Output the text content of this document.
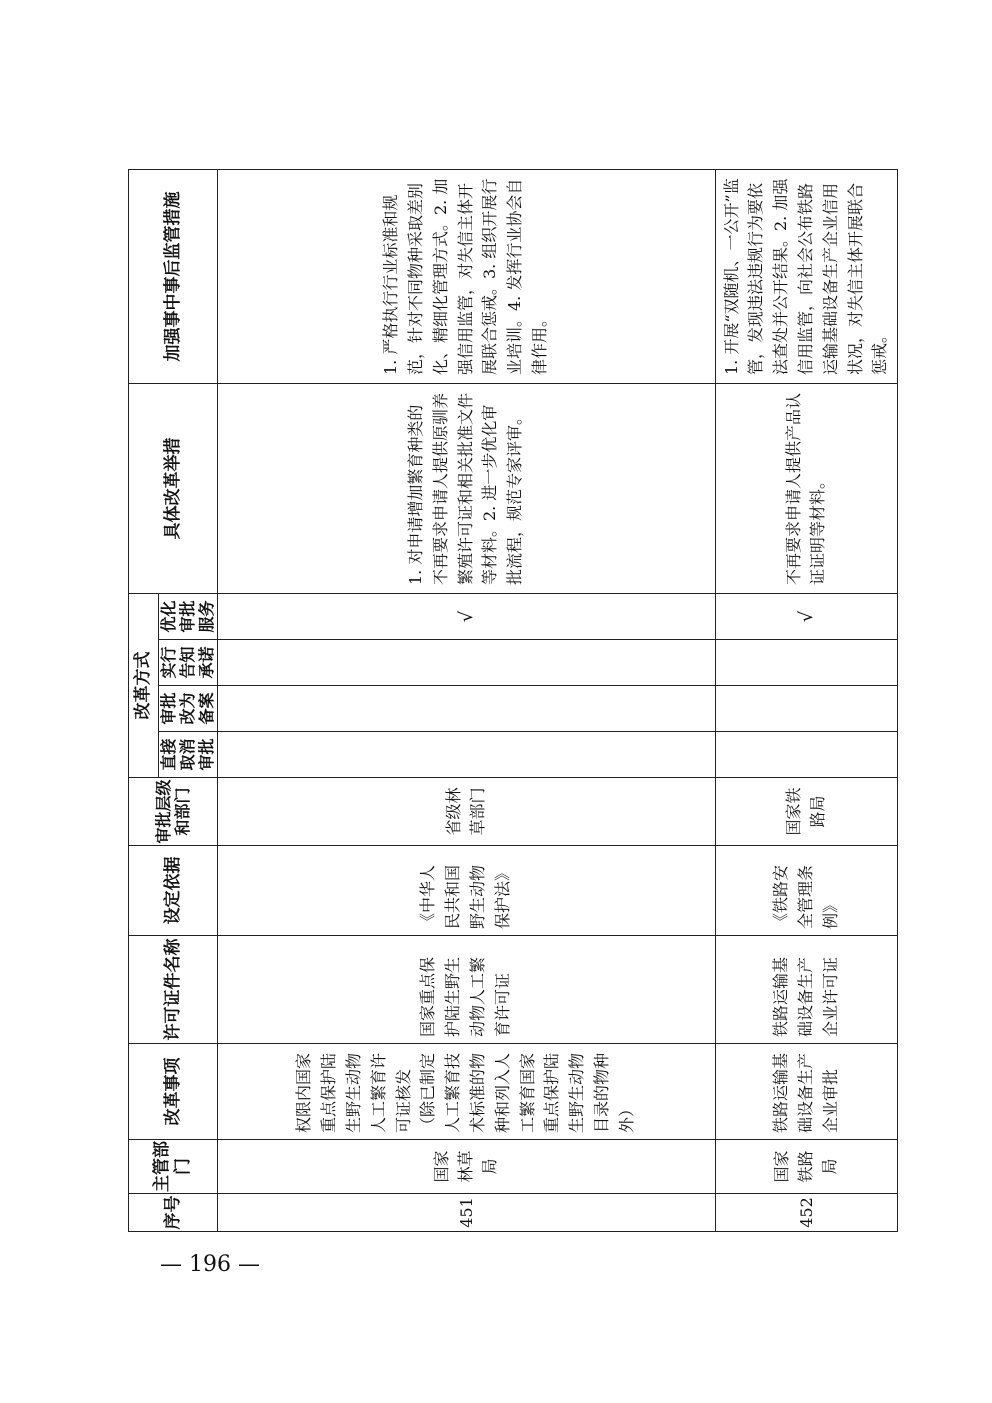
序号	主管部门	改革事项	许可证件名称	设定依据	审批层级和部门	改革方式				具体改革举措	加强事中事后监管措施
						直接取消审批	审批改为备案	实行告知承诺	优化审批服务		
451	国家林草局	权限内国家重点保护陆生野生动物人工繁育许可证核发（除已制定人工繁育技术标准的物种和列入人工繁育国家重点保护陆生野生动物目录的物种外）	国家重点保护陆生野生动物人工繁育许可证	《中华人民共和国野生动物保护法》	省级林草部门				√	1. 对申请增加繁育种类的不再要求申请人提供原驯养繁殖许可证和相关批准文件等材料。2. 进一步优化审批流程，规范专家评审。	1. 严格执行行业标准和规范，针对不同物种采取差别化、精细化管理方式。2. 加强信用监管，对失信主体开展联合惩戒。3. 组织开展行业培训。4. 发挥行业协会自律作用。
452	国家铁路局	铁路运输基础设备生产企业审批	铁路运输基础设备生产企业许可证	《铁路安全管理条例》	国家铁路局				√	不再要求申请人提供产品认证证明等材料。	1. 开展“双随机、一公开”监管，发现违法违规行为要依法查处并公开结果。2. 加强信用监管，向社会公布铁路运输基础设备生产企业信用状况，对失信主体开展联合惩戒。
— 196 —
